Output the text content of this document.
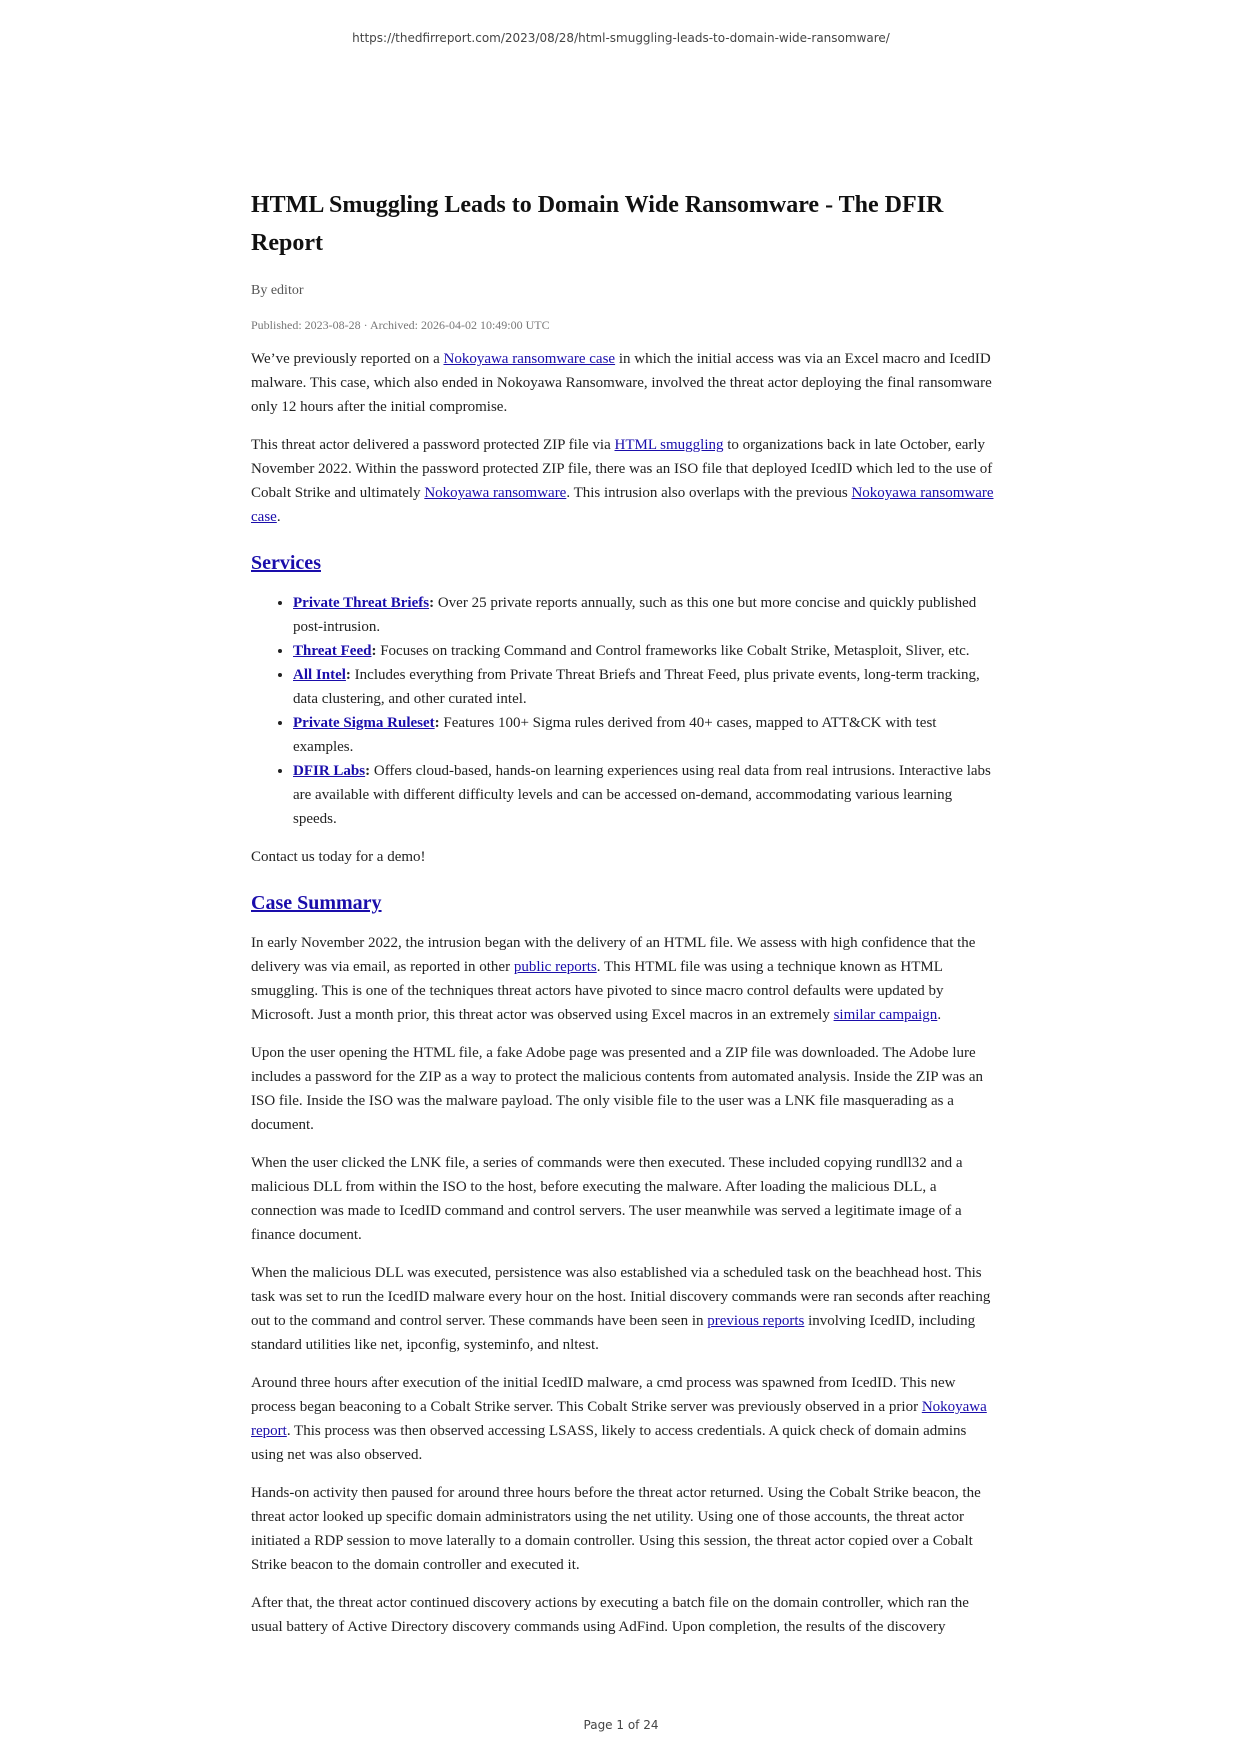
https://thedfirreport.com/2023/08/28/html-smuggling-leads-to-domain-wide-ransomware/
HTML Smuggling Leads to Domain Wide Ransomware - The DFIR Report
By editor
Published: 2023-08-28 · Archived: 2026-04-02 10:49:00 UTC

We’ve previously reported on a Nokoyawa ransomware case in which the initial access was via an Excel macro and IcedID malware. This case, which also ended in Nokoyawa Ransomware, involved the threat actor deploying the final ransomware only 12 hours after the initial compromise.

This threat actor delivered a password protected ZIP file via HTML smuggling to organizations back in late October, early November 2022. Within the password protected ZIP file, there was an ISO file that deployed IcedID which led to the use of Cobalt Strike and ultimately Nokoyawa ransomware. This intrusion also overlaps with the previous Nokoyawa ransomware case.

Services
• Private Threat Briefs: Over 25 private reports annually, such as this one but more concise and quickly published post-intrusion.
• Threat Feed: Focuses on tracking Command and Control frameworks like Cobalt Strike, Metasploit, Sliver, etc.
• All Intel: Includes everything from Private Threat Briefs and Threat Feed, plus private events, long-term tracking, data clustering, and other curated intel.
• Private Sigma Ruleset: Features 100+ Sigma rules derived from 40+ cases, mapped to ATT&CK with test examples.
• DFIR Labs: Offers cloud-based, hands-on learning experiences using real data from real intrusions. Interactive labs are available with different difficulty levels and can be accessed on-demand, accommodating various learning speeds.

Contact us today for a demo!

Case Summary

In early November 2022, the intrusion began with the delivery of an HTML file. We assess with high confidence that the delivery was via email, as reported in other public reports. This HTML file was using a technique known as HTML smuggling. This is one of the techniques threat actors have pivoted to since macro control defaults were updated by Microsoft. Just a month prior, this threat actor was observed using Excel macros in an extremely similar campaign.

Upon the user opening the HTML file, a fake Adobe page was presented and a ZIP file was downloaded. The Adobe lure includes a password for the ZIP as a way to protect the malicious contents from automated analysis. Inside the ZIP was an ISO file. Inside the ISO was the malware payload. The only visible file to the user was a LNK file masquerading as a document.

When the user clicked the LNK file, a series of commands were then executed. These included copying rundll32 and a malicious DLL from within the ISO to the host, before executing the malware. After loading the malicious DLL, a connection was made to IcedID command and control servers. The user meanwhile was served a legitimate image of a finance document.

When the malicious DLL was executed, persistence was also established via a scheduled task on the beachhead host. This task was set to run the IcedID malware every hour on the host. Initial discovery commands were ran seconds after reaching out to the command and control server. These commands have been seen in previous reports involving IcedID, including standard utilities like net, ipconfig, systeminfo, and nltest.

Around three hours after execution of the initial IcedID malware, a cmd process was spawned from IcedID. This new process began beaconing to a Cobalt Strike server. This Cobalt Strike server was previously observed in a prior Nokoyawa report. This process was then observed accessing LSASS, likely to access credentials. A quick check of domain admins using net was also observed.

Hands-on activity then paused for around three hours before the threat actor returned. Using the Cobalt Strike beacon, the threat actor looked up specific domain administrators using the net utility. Using one of those accounts, the threat actor initiated a RDP session to move laterally to a domain controller. Using this session, the threat actor copied over a Cobalt Strike beacon to the domain controller and executed it.

After that, the threat actor continued discovery actions by executing a batch file on the domain controller, which ran the usual battery of Active Directory discovery commands using AdFind. Upon completion, the results of the discovery

Page 1 of 24
